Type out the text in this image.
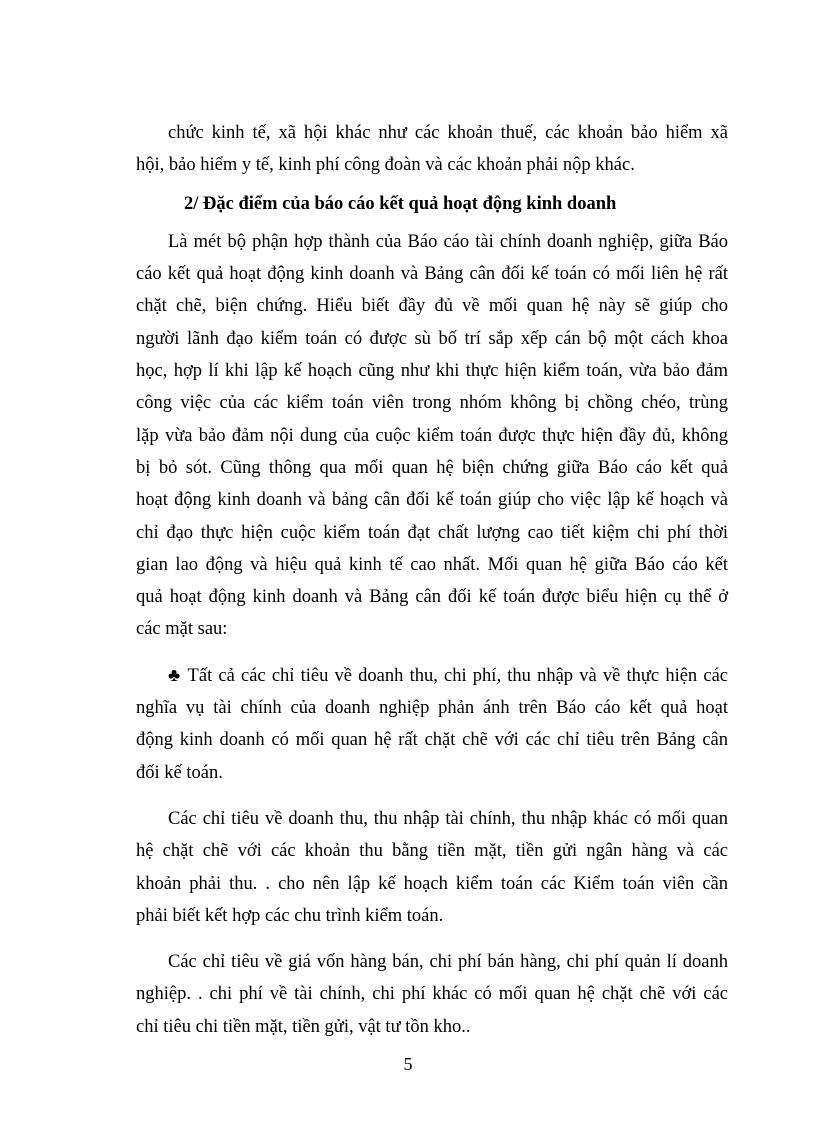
chức kinh tế, xã hội khác như các khoản thuế, các khoản bảo hiểm xã
hội, bảo hiểm y tế, kinh phí công đoàn và các khoản phải nộp khác.
2/ Đặc điểm của báo cáo kết quả hoạt động kinh doanh
Là mét bộ phận hợp thành của Báo cáo tài chính doanh nghiệp, giữa Báo
cáo kết quả hoạt động kinh doanh và Bảng cân đối kế toán có mối liên hệ rất
chặt chẽ, biện chứng. Hiểu biết đầy đủ về mối quan hệ này sẽ giúp cho
người lãnh đạo kiểm toán có được sù bố trí sắp xếp cán bộ một cách khoa
học, hợp lí khi lập kế hoạch cũng như khi thực hiện kiểm toán, vừa bảo đảm
công việc của các kiểm toán viên trong nhóm không bị chồng chéo, trùng
lặp vừa bảo đảm nội dung của cuộc kiểm toán được thực hiện đầy đủ, không
bị bỏ sót. Cũng thông qua mối quan hệ biện chứng giữa Báo cáo kết quả
hoạt động kinh doanh và bảng cân đối kế toán giúp cho việc lập kế hoạch và
chỉ đạo thực hiện cuộc kiểm toán đạt chất lượng cao tiết kiệm chi phí thời
gian lao động và hiệu quả kinh tế cao nhất. Mối quan hệ giữa Báo cáo kết
quả hoạt động kinh doanh và Bảng cân đối kế toán được biểu hiện cụ thể ở
các mặt sau:
♣ Tất cả các chỉ tiêu về doanh thu, chi phí, thu nhập và về thực hiện các
nghĩa vụ tài chính của doanh nghiệp phản ánh trên Báo cáo kết quả hoạt
động kinh doanh có mối quan hệ rất chặt chẽ với các chỉ tiêu trên Bảng cân
đối kế toán.
Các chỉ tiêu về doanh thu, thu nhập tài chính, thu nhập khác có mối quan
hệ chặt chẽ với các khoản thu bằng tiền mặt, tiền gửi ngân hàng và các
khoản phải thu. . cho nên lập kế hoạch kiểm toán các Kiểm toán viên cần
phải biết kết hợp các chu trình kiểm toán.
Các chỉ tiêu về giá vốn hàng bán, chi phí bán hàng, chi phí quản lí doanh
nghiệp. . chi phí về tài chính, chi phí khác có mối quan hệ chặt chẽ với các
chỉ tiêu chi tiền mặt, tiền gửi, vật tư tồn kho..
5
